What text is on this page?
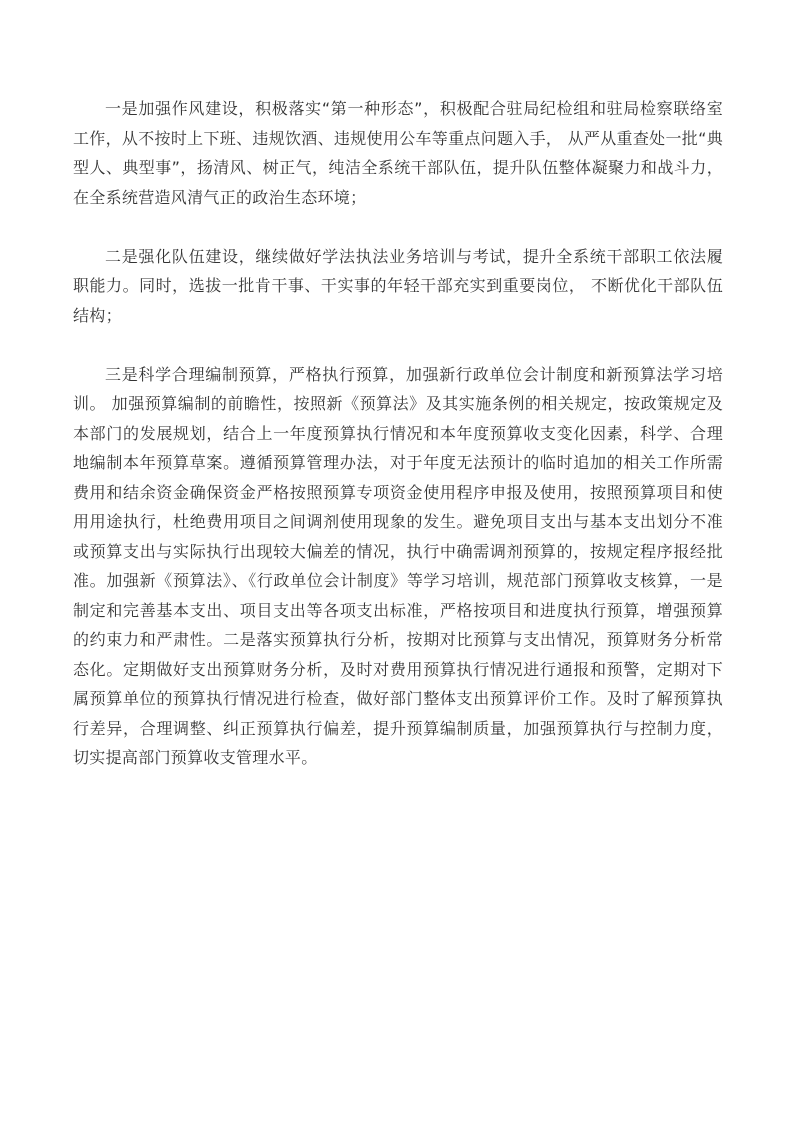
一是加强作风建设，积极落实“第一种形态”，积极配合驻局纪检组和驻局检察联络室工作，从不按时上下班、违规饮酒、违规使用公车等重点问题入手， 从严从重查处一批“典型人、典型事”，扬清风、树正气，纯洁全系统干部队伍，提升队伍整体凝聚力和战斗力，在全系统营造风清气正的政治生态环境；

二是强化队伍建设，继续做好学法执法业务培训与考试，提升全系统干部职工依法履职能力。同时，选拔一批肯干事、干实事的年轻干部充实到重要岗位， 不断优化干部队伍结构；

三是科学合理编制预算，严格执行预算，加强新行政单位会计制度和新预算法学习培训。 加强预算编制的前瞻性，按照新《预算法》及其实施条例的相关规定，按政策规定及本部门的发展规划，结合上一年度预算执行情况和本年度预算收支变化因素，科学、合理地编制本年预算草案。遵循预算管理办法，对于年度无法预计的临时追加的相关工作所需费用和结余资金确保资金严格按照预算专项资金使用程序申报及使用，按照预算项目和使用用途执行，杜绝费用项目之间调剂使用现象的发生。避免项目支出与基本支出划分不准或预算支出与实际执行出现较大偏差的情况，执行中确需调剂预算的，按规定程序报经批准。加强新《预算法》、《行政单位会计制度》等学习培训，规范部门预算收支核算，一是制定和完善基本支出、项目支出等各项支出标准，严格按项目和进度执行预算，增强预算的约束力和严肃性。二是落实预算执行分析，按期对比预算与支出情况，预算财务分析常态化。定期做好支出预算财务分析，及时对费用预算执行情况进行通报和预警，定期对下属预算单位的预算执行情况进行检查，做好部门整体支出预算评价工作。及时了解预算执行差异，合理调整、纠正预算执行偏差，提升预算编制质量，加强预算执行与控制力度，切实提高部门预算收支管理水平。
